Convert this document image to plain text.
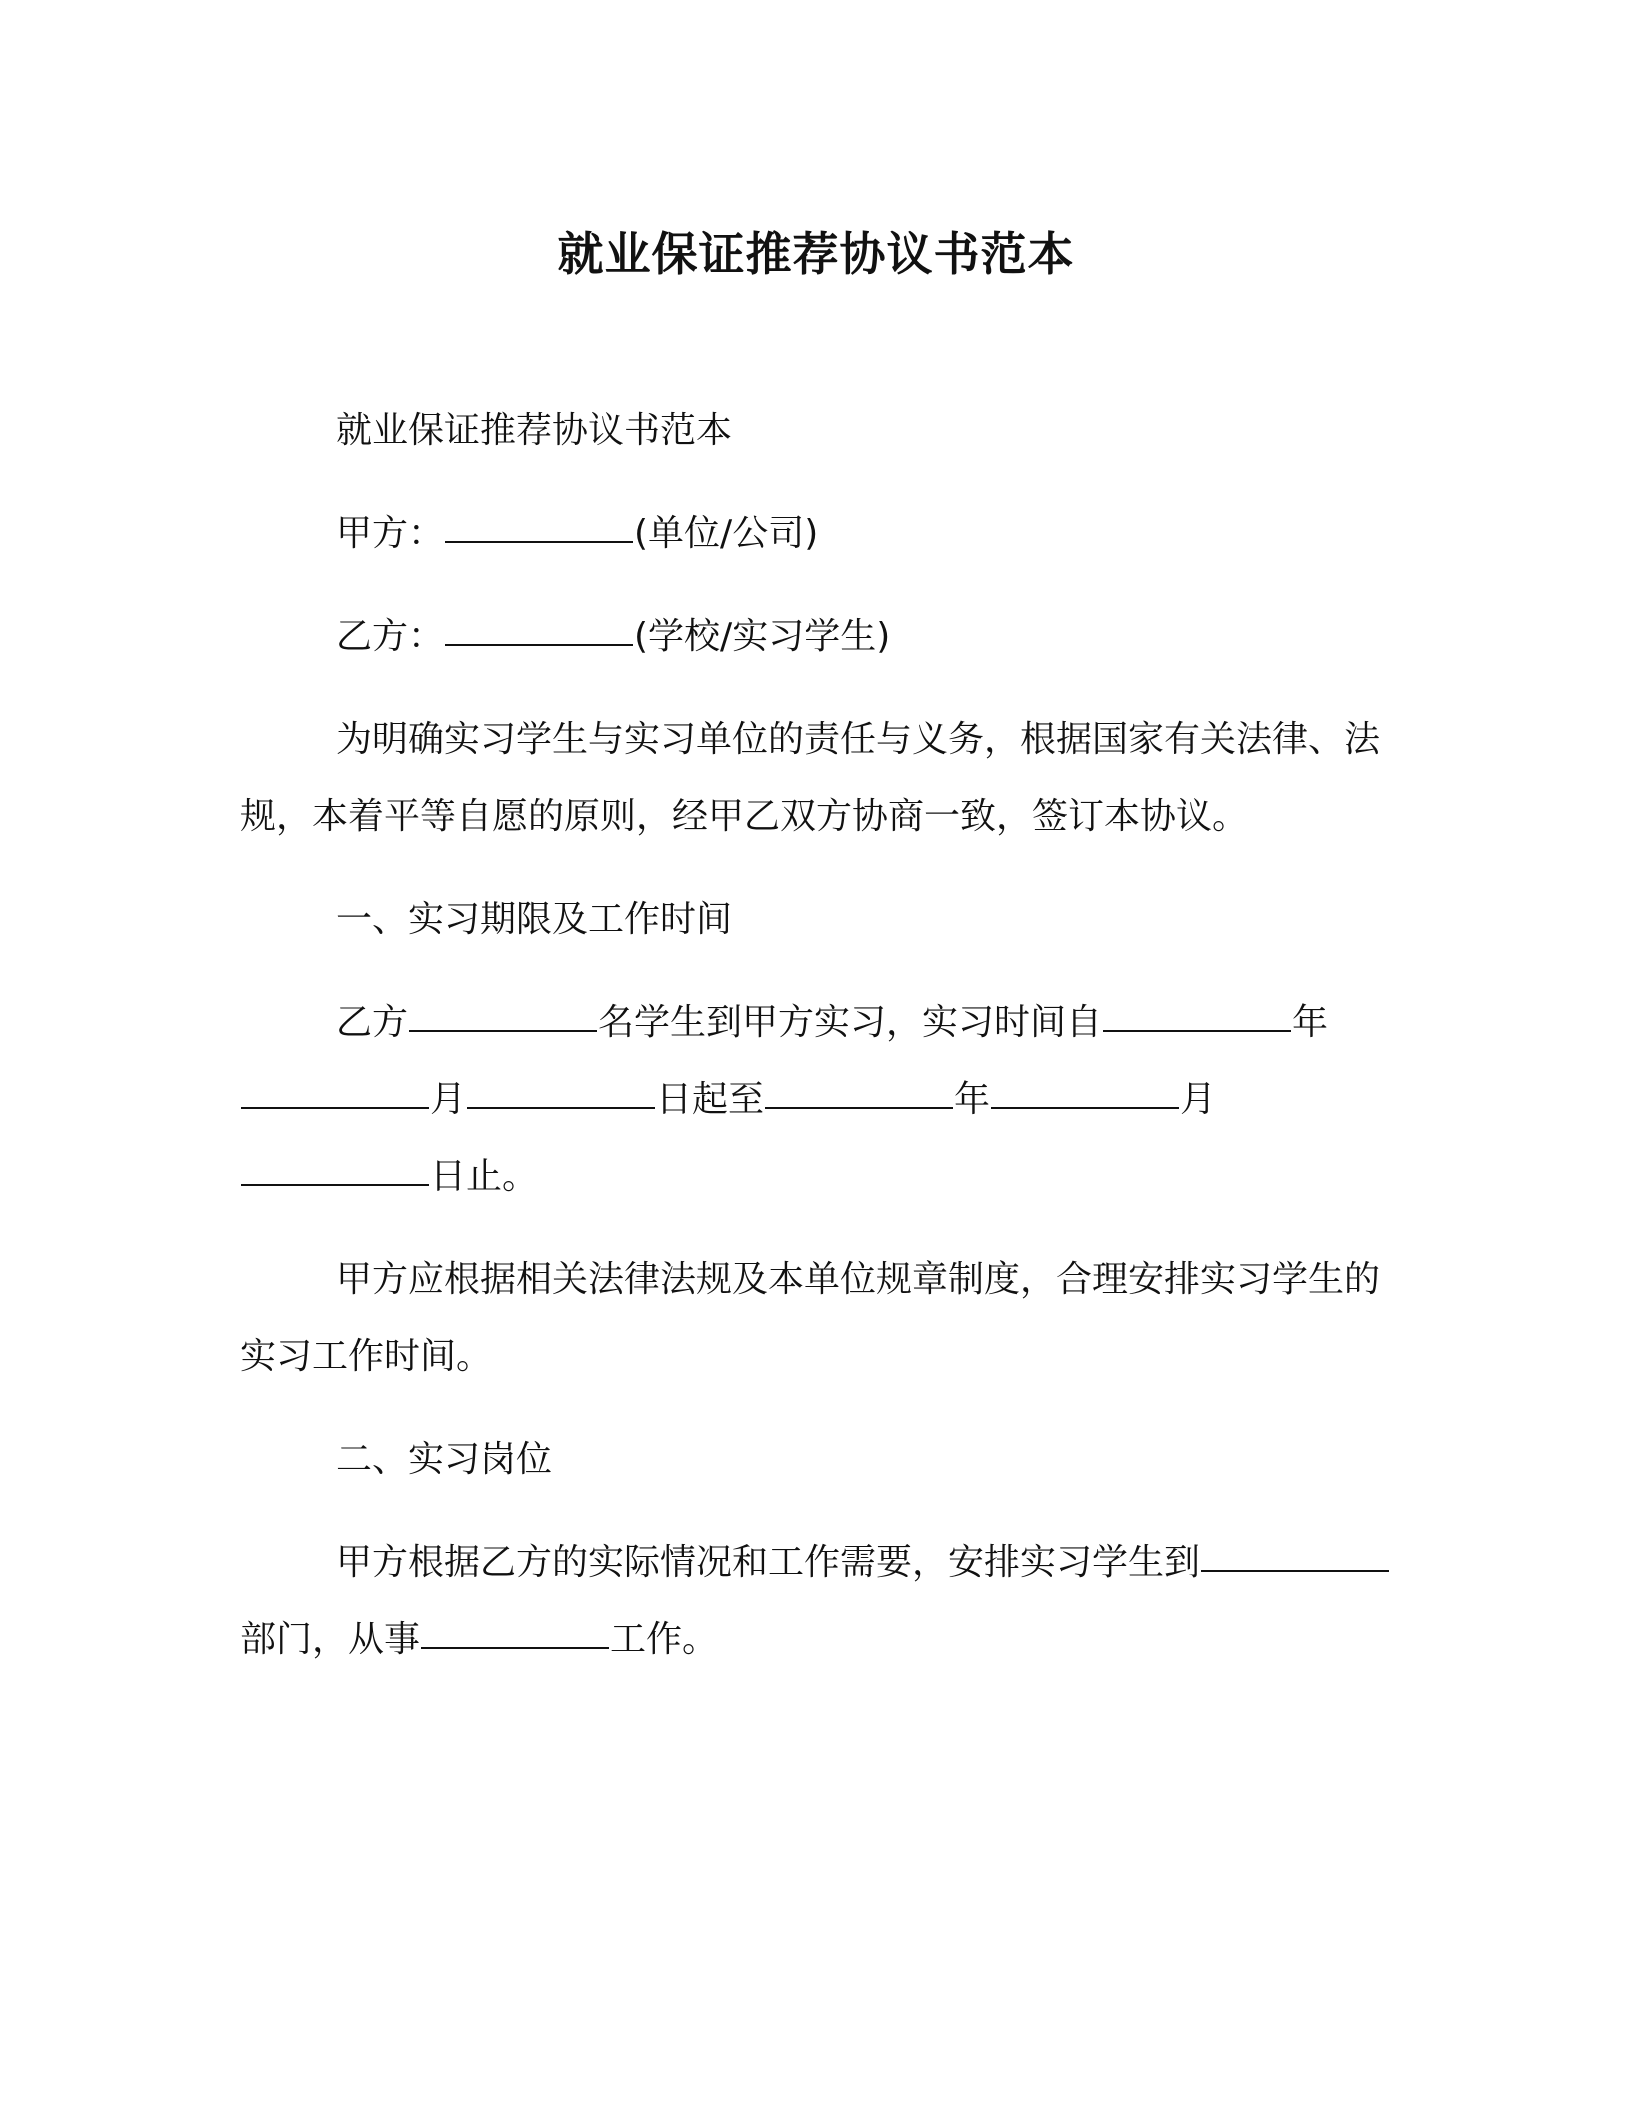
就业保证推荐协议书范本

就业保证推荐协议书范本

甲方：	(单位/公司)

乙方：	(学校/实习学生)

为明确实习学生与实习单位的责任与义务，根据国家有关法律、法规，本着平等自愿的原则，经甲乙双方协商一致，签订本协议。

一、实习期限及工作时间

乙方	名学生到甲方实习，实习时间自	年月	日起至	年	月日止。

甲方应根据相关法律法规及本单位规章制度，合理安排实习学生的实习工作时间。

二、实习岗位

甲方根据乙方的实际情况和工作需要，安排实习学生到部门，从事	工作。
